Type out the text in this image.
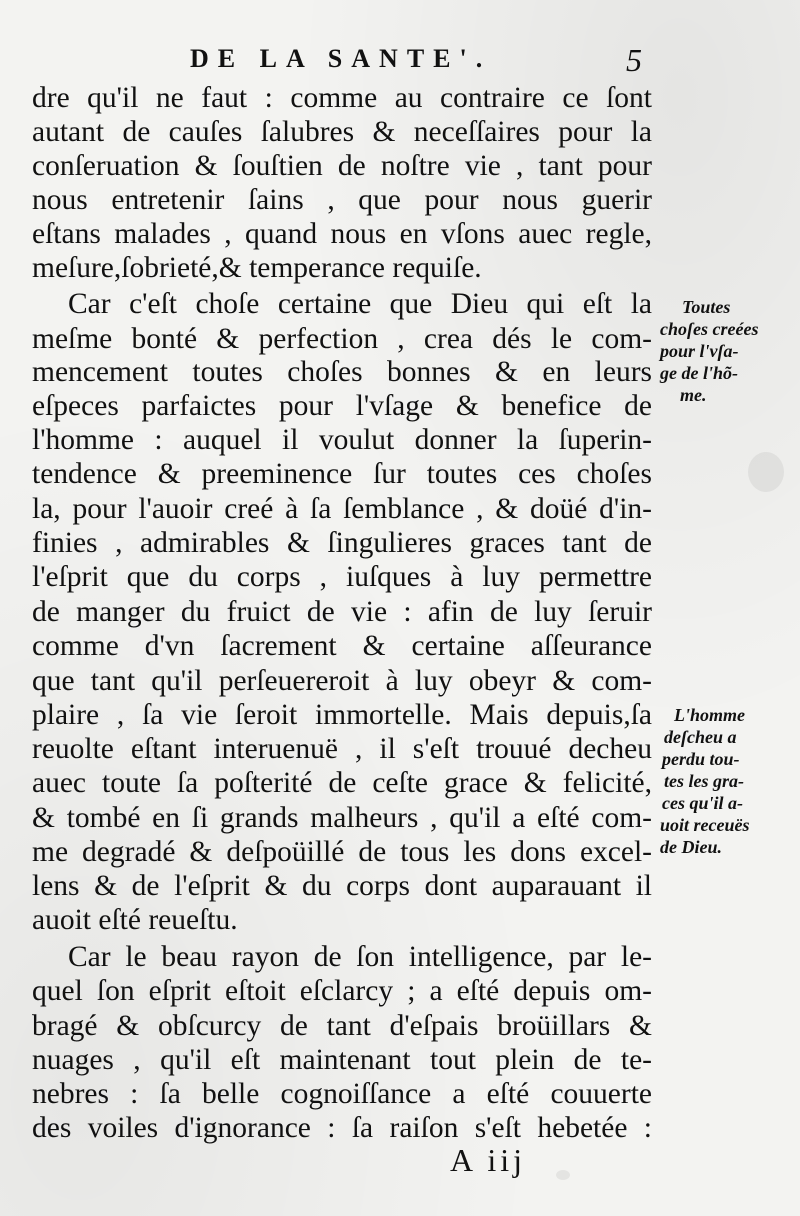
DE LA SANTE'.	5
dre qu'il ne faut : comme au contraire ce ſont
autant de cauſes ſalubres & neceſſaires pour la
conſeruation & ſouſtien de noſtre vie , tant pour
nous entretenir ſains , que pour nous guerir
eſtans malades , quand nous en vſons auec regle,
meſure,ſobrieté,& temperance requiſe.
Car c'eſt choſe certaine que Dieu qui eſt la
meſme bonté & perfection , crea dés le com-
mencement toutes choſes bonnes & en leurs
eſpeces parfaictes pour l'vſage & benefice de
l'homme : auquel il voulut donner la ſuperin-
tendence & preeminence ſur toutes ces choſes
la, pour l'auoir creé à ſa ſemblance , & doüé d'in-
finies , admirables & ſingulieres graces tant de
l'eſprit que du corps , iuſques à luy permettre
de manger du fruict de vie : afin de luy ſeruir
comme d'vn ſacrement & certaine aſſeurance
que tant qu'il perſeuereroit à luy obeyr & com-
plaire , ſa vie ſeroit immortelle. Mais depuis,ſa
reuolte eſtant interuenuë , il s'eſt trouué decheu
auec toute ſa poſterité de ceſte grace & felicité,
& tombé en ſi grands malheurs , qu'il a eſté com-
me degradé & deſpoüillé de tous les dons excel-
lens & de l'eſprit & du corps dont auparauant il
auoit eſté reueſtu.
Car le beau rayon de ſon intelligence, par le-
quel ſon eſprit eſtoit eſclarcy ; a eſté depuis om-
bragé & obſcurcy de tant d'eſpais broüillars &
nuages , qu'il eſt maintenant tout plein de te-
nebres : ſa belle cognoiſſance a eſté couuerte
des voiles d'ignorance : ſa raiſon s'eſt hebetée :
Toutes
choſes creées
pour l'vſa-
ge de l'hõ-
me.
L'homme
deſcheu a
perdu tou-
tes les gra-
ces qu'il a-
uoit receuës
de Dieu.
A iij
